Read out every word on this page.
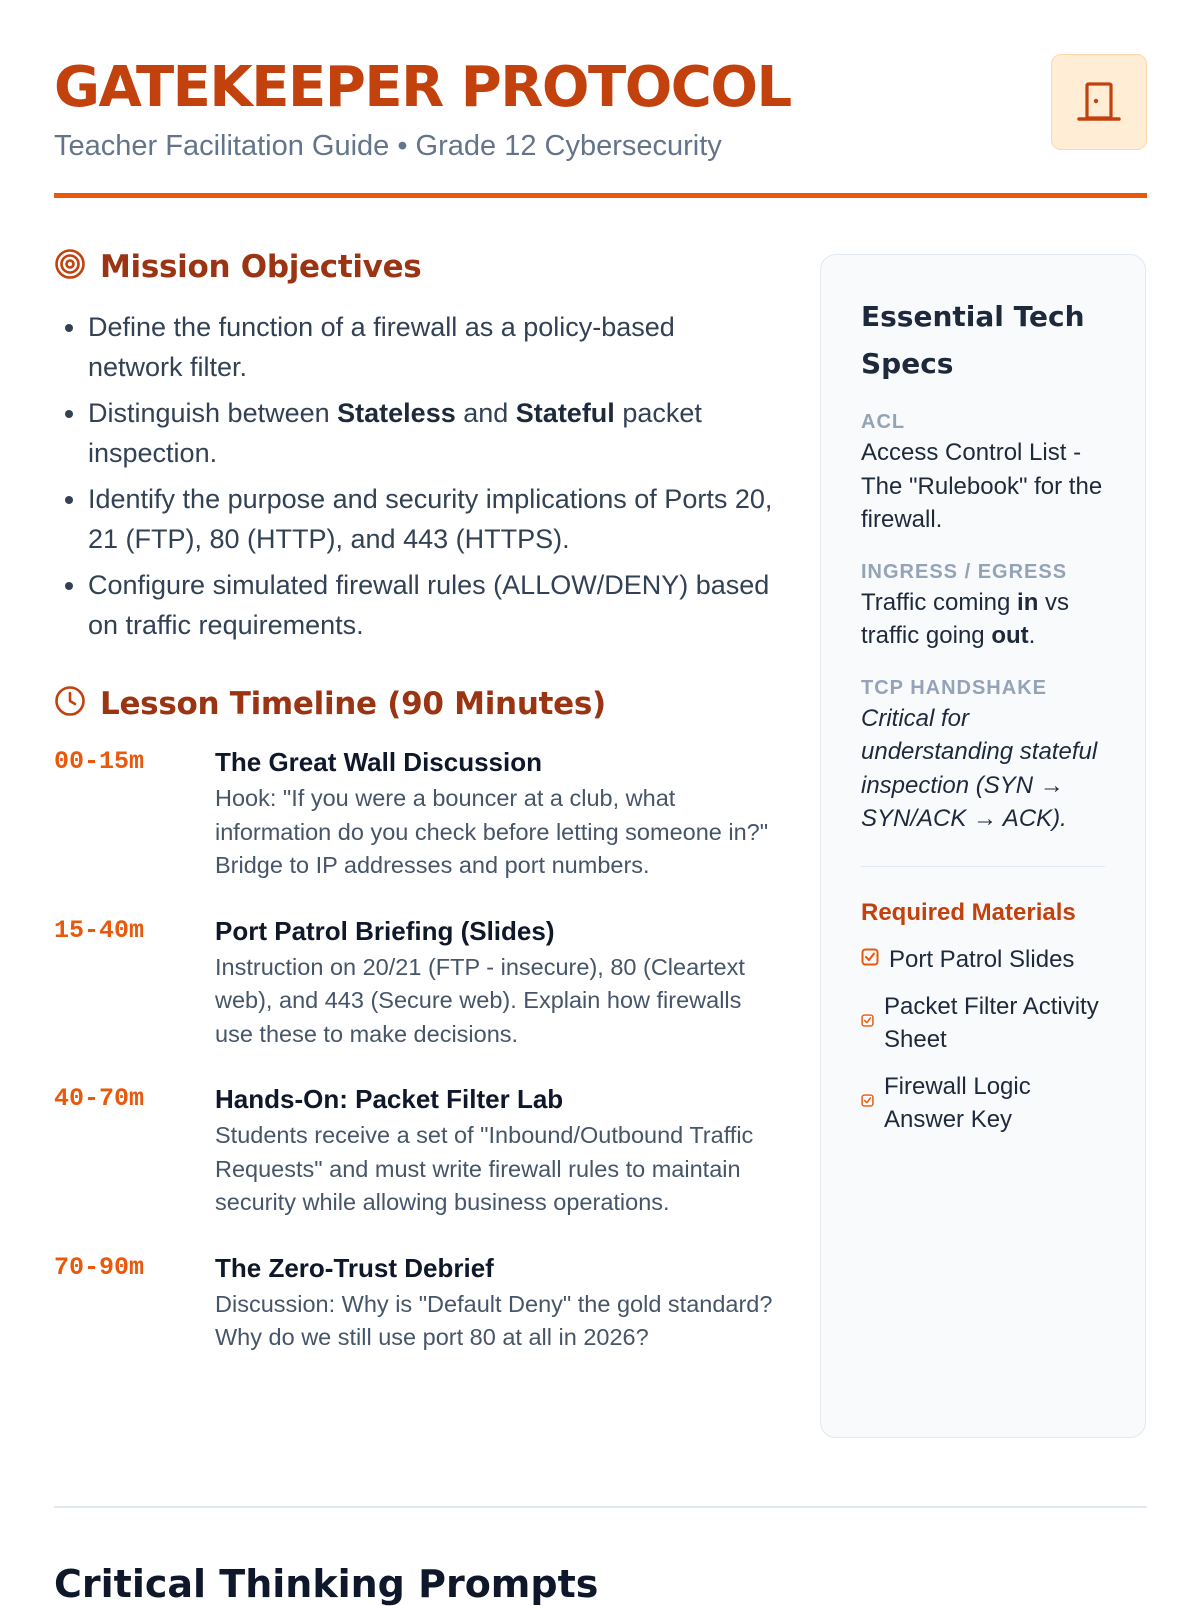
GATEKEEPER PROTOCOL

Teacher Facilitation Guide • Grade 12 Cybersecurity

Mission Objectives
• Define the function of a firewall as a policy-based network filter.
• Distinguish between Stateless and Stateful packet inspection.
• Identify the purpose and security implications of Ports 20, 21 (FTP), 80 (HTTP), and 443 (HTTPS).
• Configure simulated firewall rules (ALLOW/DENY) based on traffic requirements.
Lesson Timeline (90 Minutes)
00-15m	The Great Wall Discussion
Hook: "If you were a bouncer at a club, what information do you check before letting someone in?" Bridge to IP addresses and port numbers.
15-40m	Port Patrol Briefing (Slides)
Instruction on 20/21 (FTP - insecure), 80 (Cleartext web), and 443 (Secure web). Explain how firewalls use these to make decisions.
40-70m	Hands-On: Packet Filter Lab
Students receive a set of "Inbound/Outbound Traffic Requests" and must write firewall rules to maintain security while allowing business operations.
70-90m	The Zero-Trust Debrief
Discussion: Why is "Default Deny" the gold standard? Why do we still use port 80 at all in 2026?
Essential Tech Specs
ACL
Access Control List - The "Rulebook" for the firewall.
INGRESS / EGRESS
Traffic coming in vs traffic going out.
TCP HANDSHAKE
Critical for understanding stateful inspection (SYN → SYN/ACK → ACK).
Required Materials
Port Patrol Slides
Packet Filter Activity Sheet
Firewall Logic Answer Key
Critical Thinking Prompts
